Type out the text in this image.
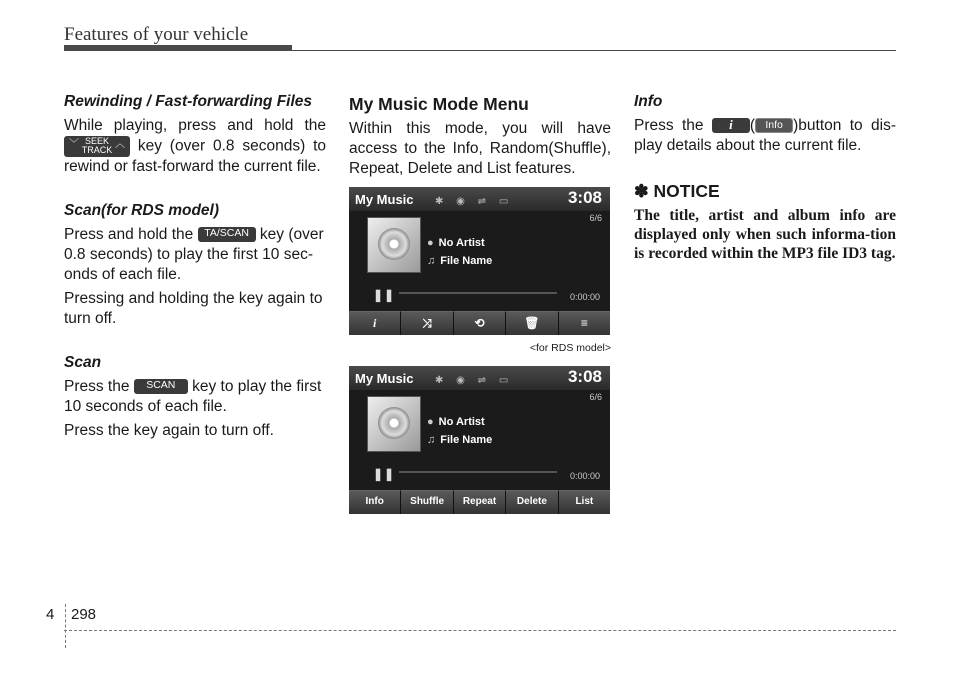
Features of your vehicle
Rewinding / Fast-forwarding Files

While playing, press and hold the
﹀ SEEK
TRACK ︿ key (over 0.8 seconds) to rewind or fast-forward the current file.

Scan(for RDS model)

Press and hold the TA/SCAN key (over 0.8 seconds) to play the first 10 sec-onds of each file.

Pressing and holding the key again to turn off.

Scan

Press the SCAN key to play the first 10 seconds of each file.

Press the key again to turn off.

My Music Mode Menu

Within this mode, you will have access to the Info, Random(Shuffle), Repeat, Delete and List features.

My Music ✱ ◉ ⇌ ▭	3:08
6/6
● No Artist
♫ File Name
❚❚	0:00:00
i	⤨	⟲	🗑	≡
<for RDS model>
My Music ✱ ◉ ⇌ ▭	3:08
6/6
● No Artist
♫ File Name
❚❚	0:00:00
Info	Shuffle	Repeat	Delete	List
Info

Press the i ( Info )button to dis-play details about the current file.

✽ NOTICE

The title, artist and album info are displayed only when such informa-tion is recorded within the MP3 file ID3 tag.

4 298
